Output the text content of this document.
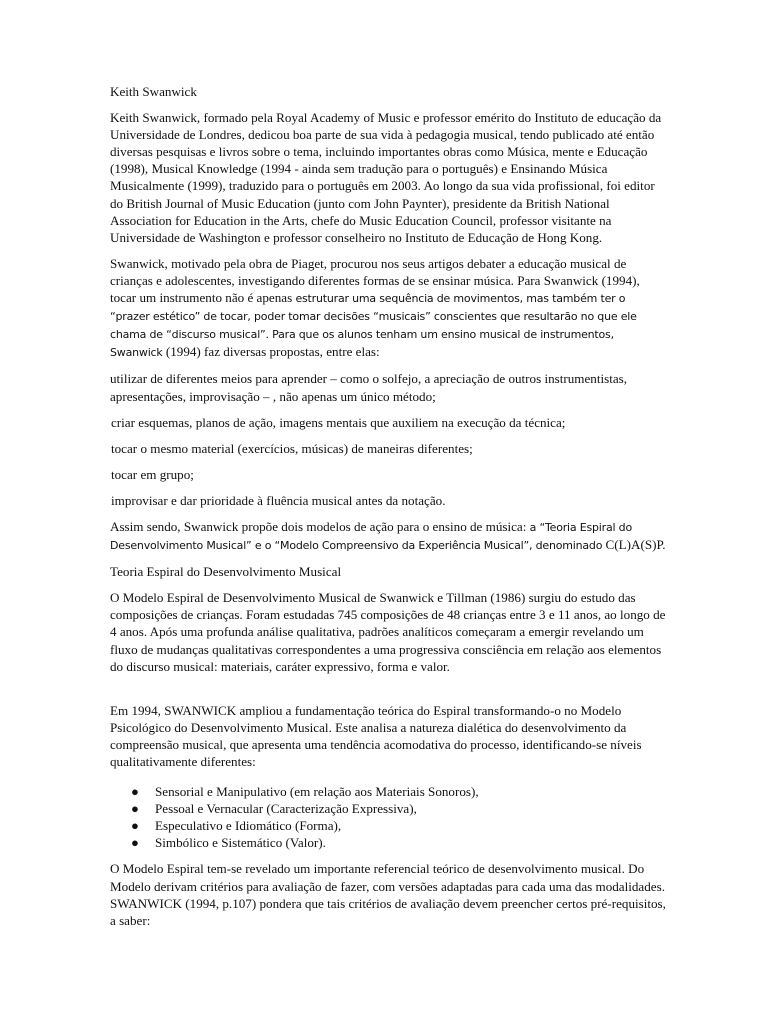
Keith Swanwick

Keith Swanwick, formado pela Royal Academy of Music e professor emérito do Instituto de educação da Universidade de Londres, dedicou boa parte de sua vida à pedagogia musical, tendo publicado até então diversas pesquisas e livros sobre o tema, incluindo importantes obras como Música, mente e Educação (1998), Musical Knowledge (1994 - ainda sem tradução para o português) e Ensinando Música Musicalmente (1999), traduzido para o português em 2003. Ao longo da sua vida profissional, foi editor do British Journal of Music Education (junto com John Paynter), presidente da British National Association for Education in the Arts, chefe do Music Education Council, professor visitante na Universidade de Washington e professor conselheiro no Instituto de Educação de Hong Kong.

Swanwick, motivado pela obra de Piaget, procurou nos seus artigos debater a educação musical de crianças e adolescentes, investigando diferentes formas de se ensinar música. Para Swanwick (1994), tocar um instrumento não é apenas estruturar uma sequência de movimentos, mas também ter o “prazer estético” de tocar, poder tomar decisões “musicais” conscientes que resultarão no que ele chama de “discurso musical”. Para que os alunos tenham um ensino musical de instrumentos, Swanwick (1994) faz diversas propostas, entre elas:

utilizar de diferentes meios para aprender – como o solfejo, a apreciação de outros instrumentistas, apresentações, improvisação – , não apenas um único método;

criar esquemas, planos de ação, imagens mentais que auxiliem na execução da técnica;

tocar o mesmo material (exercícios, músicas) de maneiras diferentes;

tocar em grupo;

improvisar e dar prioridade à fluência musical antes da notação.

Assim sendo, Swanwick propõe dois modelos de ação para o ensino de música: a “Teoria Espiral do Desenvolvimento Musical” e o “Modelo Compreensivo da Experiência Musical”, denominado C(L)A(S)P.

Teoria Espiral do Desenvolvimento Musical

O Modelo Espiral de Desenvolvimento Musical de Swanwick e Tillman (1986) surgiu do estudo das composições de crianças. Foram estudadas 745 composições de 48 crianças entre 3 e 11 anos, ao longo de 4 anos. Após uma profunda análise qualitativa, padrões analíticos começaram a emergir revelando um fluxo de mudanças qualitativas correspondentes a uma progressiva consciência em relação aos elementos do discurso musical: materiais, caráter expressivo, forma e valor.

Em 1994, SWANWICK ampliou a fundamentação teórica do Espiral transformando-o no Modelo Psicológico do Desenvolvimento Musical. Este analisa a natureza dialética do desenvolvimento da compreensão musical, que apresenta uma tendência acomodativa do processo, identificando-se níveis qualitativamente diferentes:

● Sensorial e Manipulativo (em relação aos Materiais Sonoros),
● Pessoal e Vernacular (Caracterização Expressiva),
● Especulativo e Idiomático (Forma),
● Simbólico e Sistemático (Valor).

O Modelo Espiral tem-se revelado um importante referencial teórico de desenvolvimento musical. Do Modelo derivam critérios para avaliação de fazer, com versões adaptadas para cada uma das modalidades. SWANWICK (1994, p.107) pondera que tais critérios de avaliação devem preencher certos pré-requisitos, a saber:
